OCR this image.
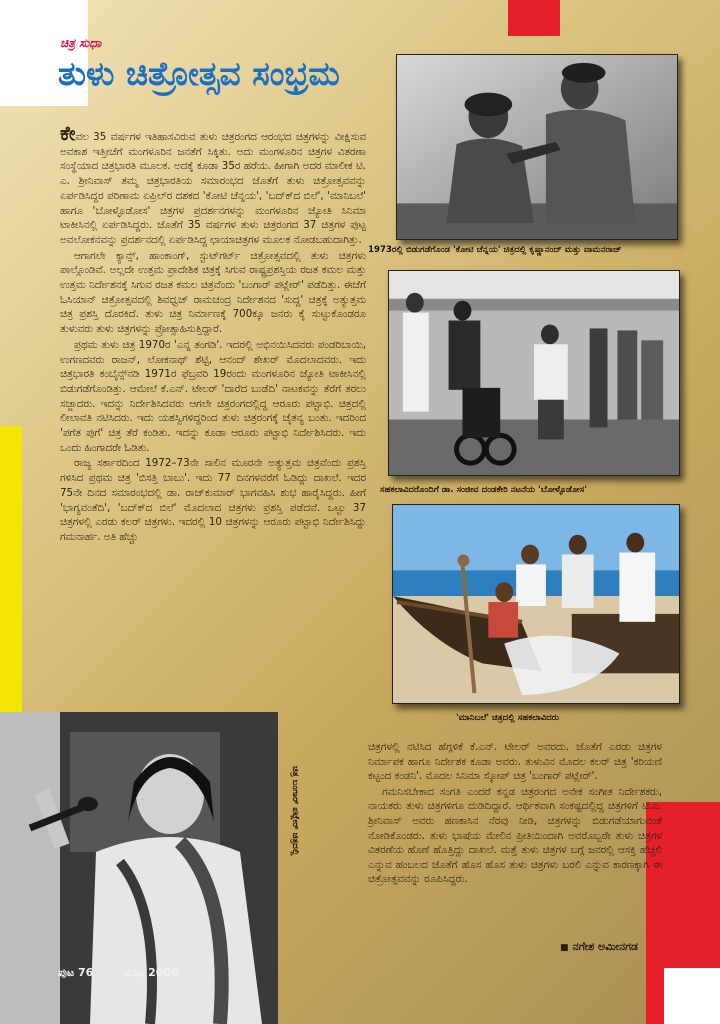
ಚಿತ್ರ ಸುಧಾ
ತುಳು ಚಿತ್ರೋತ್ಸವ ಸಂಭ್ರಮ

ಕೇವಲ 35 ವರ್ಷಗಳ ಇತಿಹಾಸವಿರುವ ತುಳು ಚಿತ್ರರಂಗದ ಆರಂಭದ ಚಿತ್ರಗಳನ್ನು ವೀಕ್ಷಿಸುವ ಅವಕಾಶ ಇತ್ತೀಚೆಗೆ ಮಂಗಳೂರಿನ ಜನತೆಗೆ ಸಿಕ್ಕಿತು. ಅದು ಮಂಗಳೂರಿನ ಚಿತ್ರಗಳ ವಿತರಣಾ ಸಂಸ್ಥೆಯಾದ ಚಿತ್ರಭಾರತಿ ಮೂಲಕ. ಅದಕ್ಕೆ ಕೂಡಾ 35ರ ಹರೆಯ. ಹೀಗಾಗಿ ಅದರ ಮಾಲೀಕ ಟಿ. ಎ. ಶ್ರೀನಿವಾಸ್ ತಮ್ಮ ಚಿತ್ರಭಾರತಿಯ ಸಮಾರಂಭದ ಜೊತೆಗೆ ತುಳು ಚಿತ್ರೋತ್ಸವವನ್ನು ಏರ್ಪಡಿಸಿದ್ದರ ಪರಿಣಾಮ ಏಪ್ರಿಲ್‌ರ ದಶಕದ 'ಕೋಟಿ ಚೆನ್ನಯ', 'ಬದ್‌ಕ್‌ದ ಬಿಲೆ', 'ಮಾನಿಬಲೆ' ಹಾಗೂ 'ಬೋಳ್ಳೊಡೋಸ' ಚಿತ್ರಗಳ ಪ್ರದರ್ಶನಗಳನ್ನು ಮಂಗಳೂರಿನ ಜ್ಯೋತಿ ಸಿನಿಮಾ ಟಾಕೀಸಿನಲ್ಲಿ ಏರ್ಪಡಿಸಿದ್ದರು. ಜೊತೆಗೆ 35 ವರ್ಷಗಳ ತುಳು ಚಿತ್ರರಂಗದ 37 ಚಿತ್ರಗಳ ಪುಟ್ಟ ಅವಲೋಕನವನ್ನು ಪ್ರದರ್ಶನದಲ್ಲಿ ಏರ್ಪಡಿಸಿದ್ದ ಛಾಯಾಚಿತ್ರಗಳ ಮೂಲಕ ನೋಡಬಹುದಾಗಿತ್ತು.

ಆಗಾಗಲೇ ಕ್ಯಾನ್ಸ್, ಹಾಂಕಾಂಗ್, ಸ್ಟುಟ್‌ಗರ್ಟ್ ಚಿತ್ರೋತ್ಸವದಲ್ಲಿ ತುಳು ಚಿತ್ರಗಳು ಪಾಲ್ಗೊಂಡಿವೆ. ಅಲ್ಲದೇ ಉತ್ತಮ ಪ್ರಾದೇಶಿಕ ಚಿತ್ರಕ್ಕೆ ಸಿಗುವ ರಾಷ್ಟ್ರಪ್ರಶಸ್ತಿಯ ರಜತ ಕಮಲ ಮತ್ತು ಉತ್ತಮ ನಿರ್ದೇಶನಕ್ಕೆ ಸಿಗುವ ರಜತ ಕಮಲ ಚಿತ್ರವೆಂದು 'ಬಂಗಾರ್ ಪಟ್ಲೇರ್' ಪಡೆದಿತ್ತು. ಈಚೆಗೆ ಓಸಿಯಾನ್ ಚಿತ್ರೋತ್ಸವದಲ್ಲಿ ಶಿವಧ್ವಜ್ ರಾಮಚಂದ್ರ ನಿರ್ದೇಶನದ 'ಸುದ್ದ' ಚಿತ್ರಕ್ಕೆ ಅತ್ಯುತ್ತಮ ಚಿತ್ರ ಪ್ರಶಸ್ತಿ ದೊರಕಿದೆ. ತುಳು ಚಿತ್ರ ನಿರ್ಮಾಣಕ್ಕೆ 700ಕ್ಕೂ ಜನರು ಕೈ ಸುಟ್ಟುಕೊಂಡರೂ ತುಳುವರು ತುಳು ಚಿತ್ರಗಳನ್ನು ಪ್ರೋತ್ಸಾಹಿಸುತ್ತಿದ್ದಾರೆ.

ಪ್ರಥಮ ತುಳು ಚಿತ್ರ 1970ರ 'ಎನ್ನ ತಂಗಡಿ'. ಇದರಲ್ಲಿ ಅಭಿನಯಿಸಿದವರು ಪಂಡರಿಬಾಯಿ, ಉಗಣದವರು ರಾಜನ್, ಲೋಕನಾಥ್ ಶೆಟ್ಟಿ, ಆನಂದ್ ಶೇಖರ್ ಮೊದಲಾದವರು. ಇದು ಚಿತ್ರಭಾರತಿ ಕಂಬೈನ್ಸ್‌ನಡಿ 1971ರ ಫೆಬ್ರವರಿ 19ರಂದು ಮಂಗಳೂರಿನ ಜ್ಯೋತಿ ಟಾಕೀಸಿನಲ್ಲಿ ಬಿಡುಗಡೆಗೊಂಡಿತ್ತು. ಆಮೇಲೆ ಕೆ.ಎನ್. ಟೇಲರ್ 'ದಾರೆದ ಬುಡೆದಿ' ನಾಟಕವನ್ನು ತೆರೆಗೆ ತರಲು ಸಜ್ಜಾದರು. ಇದನ್ನು ನಿರ್ದೇಶಿಸಿದವರು ಆಗಲೇ ಚಿತ್ರರಂಗದಲ್ಲಿದ್ದ ಆರೂರು ಪಟ್ಟಾಭಿ. ಚಿತ್ರದಲ್ಲಿ ಲೀಲಾವತಿ ನಟಿಸಿದರು. ಇದು ಯಶಸ್ವಿಗಳಿದ್ದರಿಂದ ತುಳು ಚಿತ್ರರಂಗಕ್ಕೆ ಚೈತನ್ಯ ಬಂತು. ಇದರಿಂದ 'ಪಗೆತ ಪುಗೆ' ಚಿತ್ರ ತೆರೆ ಕಂಡಿತು. ಇದನ್ನು ಕೂಡಾ ಆರೂರು ಪಟ್ಟಾಭಿ ನಿರ್ದೇಶಿಸಿದರು. ಇದು ಒಂದು ಹಿಂಗಾದರೇ ಓಡಿತು.

ರಾಜ್ಯ ಸರ್ಕಾರದಿಂದ 1972–73ನೇ ಸಾಲಿನ ಮೂರನೇ ಅತ್ಯುತ್ತಮ ಚಿತ್ರವೆಂದು ಪ್ರಶಸ್ತಿ ಗಳಿಸಿದ ಪ್ರಥಮ ಚಿತ್ರ 'ಬಿಸತ್ತಿ ಬಾಬು'. ಇದು 77 ದಿನಗಳವರೆಗೆ ಓಡಿದ್ದು ದಾಖಲೆ. ಇದರ 75ನೇ ದಿನದ ಸಮಾರಂಭದಲ್ಲಿ ಡಾ. ರಾಜ್‌ಕುಮಾರ್ ಭಾಗವಹಿಸಿ ಶುಭ ಹಾರೈಸಿದ್ದರು. ಹೀಗೆ 'ಭಾಗ್ಯವಂತೆದಿ', 'ಬದ್‌ಕ್‌ದ ಬಿಲೆ' ಮೊದಲಾದ ಚಿತ್ರಗಳು ಪ್ರಶಸ್ತಿ ಪಡೆದವೆ. ಒಟ್ಟು 37 ಚಿತ್ರಗಳಲ್ಲಿ ಎರಡು ಕಲರ್ ಚಿತ್ರಗಳು. ಇದರಲ್ಲಿ 10 ಚಿತ್ರಗಳನ್ನು ಆರೂರು ಪಟ್ಟಾಭಿ ನಿರ್ದೇಶಿಸಿದ್ದು ಗಮನಾರ್ಹ. ಅತಿ ಹೆಚ್ಚು

ಚಿತ್ರಗಳಲ್ಲಿ ನಟಿಸಿದ ಹೆಗ್ಗಳಿಕೆ ಕೆ.ಎನ್. ಟೇಲರ್ ಅವರದು. ಜೊತೆಗೆ ಎರಡು ಚಿತ್ರಗಳ ನಿರ್ಮಾಪಕ ಹಾಗೂ ನಿರ್ದೇಶಕ ಕೂಡಾ ಅವರು. ತುಳುವಿನ ಮೊದಲ ಕಲರ್ ಚಿತ್ರ 'ಕರಿಯಣಿ ಕಟ್ಟಂದ ಕಂಡನಿ'. ಮೊದಲ ಸಿನಿಮಾ ಸ್ಕೋಪ್ ಚಿತ್ರ 'ಬಂಗಾರ್ ಪಟ್ಲೇರ್'.

ಗಮನಿಸಬೇಕಾದ ಸಂಗತಿ ಎಂದರೆ ಕನ್ನಡ ಚಿತ್ರರಂಗದ ಅನೇಕ ಸಂಗೀತ ನಿರ್ದೇಶಕರು, ನಾಯಕರು ತುಳು ಚಿತ್ರಗಳಿಗೂ ದುಡಿದಿದ್ದಾರೆ. ಆರ್ಥಿಕವಾಗಿ ಸಂಕಷ್ಟದಲ್ಲಿದ್ದ ಚಿತ್ರಗಳಿಗೆ ಟಿ.ಎ. ಶ್ರೀನಿವಾಸ್ ಅವರು ಹಣಕಾಸಿನ ನೆರವು ನೀಡಿ, ಚಿತ್ರಗಳನ್ನು ಬಿಡುಗಡೆಯಾಗುವಂತೆ ನೋಡಿಕೊಂಡರು. ತುಳು ಭಾಷೆಯ ಮೇಲಿನ ಪ್ರೀತಿಯಿಂದಾಗಿ ಅವರೊಬ್ಬರೇ ತುಳು ಚಿತ್ರಗಳ ವಿತರಣೆಯ ಹೊಣೆ ಹೊತ್ತಿದ್ದು ದಾಖಲೆ. ಮತ್ತೆ ತುಳು ಚಿತ್ರಗಳ ಬಗ್ಗೆ ಜನರಲ್ಲಿ ಆಸಕ್ತಿ ಹೆಚ್ಚಲಿ ಎನ್ನುವ ಹಂಬಲದ ಜೊತೆಗೆ ಹೊಸ ಹೊಸ ತುಳು ಚಿತ್ರಗಳು ಬರಲಿ ಎನ್ನುವ ಕಾರಣಕ್ಕಾಗಿ ಈ ಚಿತ್ರೋತ್ಸವವನ್ನು ರೂಪಿಸಿದ್ದರು.

1973ರಲ್ಲಿ ಬಿಡುಗಡೆಗೊಂಡ 'ಕೋಟಿ ಚೆನ್ನಯ' ಚಿತ್ರದಲ್ಲಿ ಕೃಷ್ಣಾನಂದ್ ಮತ್ತು ವಾಮನರಾಜ್
ಸಹಕಲಾವಿದರೊಂದಿಗೆ ಡಾ. ಸಂಜೀವ ದಂಡಕೇರಿ ನಟನೆಯ 'ಬೋಳ್ಳೊಡೋಸ'
'ಮಾನಿಬಲೆ' ಚಿತ್ರದಲ್ಲಿ ಸಹಕಲಾವಿದರು
ಚಿತ್ರ ಬಂಗಾರ್ ಪಟ್ಲೇರ್ ಚಿತ್ರದಲ್ಲಿ
ಪುಟ 76	ಸುಧಾ 2006
■ ನಗೇಶ ಅಮೀನಗಡ
